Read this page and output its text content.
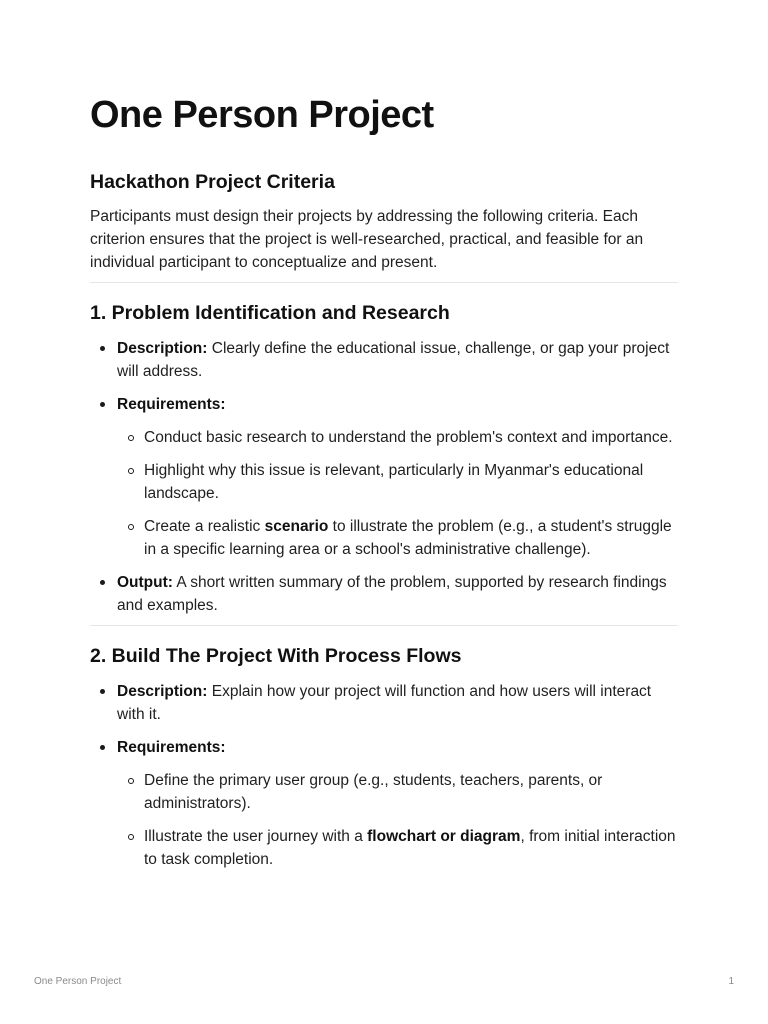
One Person Project
Hackathon Project Criteria

Participants must design their projects by addressing the following criteria. Each criterion ensures that the project is well-researched, practical, and feasible for an individual participant to conceptualize and present.

1. Problem Identification and Research
Description: Clearly define the educational issue, challenge, or gap your project will address.
Requirements:
Conduct basic research to understand the problem's context and importance.
Highlight why this issue is relevant, particularly in Myanmar's educational landscape.
Create a realistic scenario to illustrate the problem (e.g., a student's struggle in a specific learning area or a school's administrative challenge).
Output: A short written summary of the problem, supported by research findings and examples.
2. Build The Project With Process Flows
Description: Explain how your project will function and how users will interact with it.
Requirements:
Define the primary user group (e.g., students, teachers, parents, or administrators).
Illustrate the user journey with a flowchart or diagram, from initial interaction to task completion.
One Person Project	1
